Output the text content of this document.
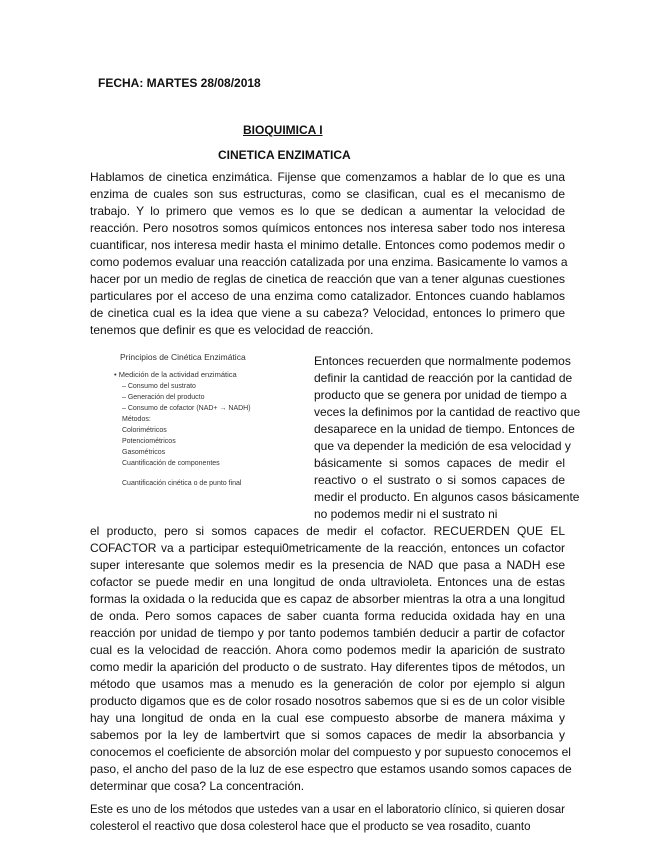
FECHA: MARTES 28/08/2018
BIOQUIMICA I
CINETICA ENZIMATICA
Hablamos de cinetica enzimática. Fijense que comenzamos a hablar de lo que es una
enzima de cuales son sus estructuras, como se clasifican, cual es el mecanismo de
trabajo. Y lo primero que vemos es lo que se dedican a aumentar la velocidad de
reacción. Pero nosotros somos químicos entonces nos interesa saber todo nos interesa
cuantificar, nos interesa medir hasta el minimo detalle. Entonces como podemos medir o
como podemos evaluar una reacción catalizada por una enzima. Basicamente lo vamos a
hacer por un medio de reglas de cinetica de reacción que van a tener algunas cuestiones
particulares por el acceso de una enzima como catalizador. Entonces cuando hablamos
de cinetica cual es la idea que viene a su cabeza? Velocidad, entonces lo primero que
tenemos que definir es que es velocidad de reacción.
Principios de Cinética Enzimática
• Medición de la actividad enzimática
– Consumo del sustrato
– Generación del producto
– Consumo de cofactor (NAD+ → NADH)
Métodos:
Colorimétricos
Potenciométricos
Gasométricos
Cuantificación de componentes
Cuantificación cinética o de punto final
Entonces recuerden que normalmente podemos
definir la cantidad de reacción por la cantidad de
producto que se genera por unidad de tiempo a
veces la definimos por la cantidad de reactivo que
desaparece en la unidad de tiempo. Entonces de
que va depender la medición de esa velocidad y
básicamente si somos capaces de medir el
reactivo o el sustrato o si somos capaces de
medir el producto. En algunos casos básicamente
no podemos medir ni el sustrato ni
el producto, pero si somos capaces de medir el cofactor. RECUERDEN QUE EL
COFACTOR va a participar estequi0metricamente de la reacción, entonces un cofactor
super interesante que solemos medir es la presencia de NAD que pasa a NADH ese
cofactor se puede medir en una longitud de onda ultravioleta. Entonces una de estas
formas la oxidada o la reducida que es capaz de absorber mientras la otra a una longitud
de onda. Pero somos capaces de saber cuanta forma reducida oxidada hay en una
reacción por unidad de tiempo y por tanto podemos también deducir a partir de cofactor
cual es la velocidad de reacción. Ahora como podemos medir la aparición de sustrato
como medir la aparición del producto o de sustrato. Hay diferentes tipos de métodos, un
método que usamos mas a menudo es la generación de color por ejemplo si algun
producto digamos que es de color rosado nosotros sabemos que si es de un color visible
hay una longitud de onda en la cual ese compuesto absorbe de manera máxima y
sabemos por la ley de lambertvirt que si somos capaces de medir la absorbancia y
conocemos el coeficiente de absorción molar del compuesto y por supuesto conocemos el
paso, el ancho del paso de la luz de ese espectro que estamos usando somos capaces de
determinar que cosa? La concentración.
Este es uno de los métodos que ustedes van a usar en el laboratorio clínico, si quieren dosar
colesterol el reactivo que dosa colesterol hace que el producto se vea rosadito, cuanto
